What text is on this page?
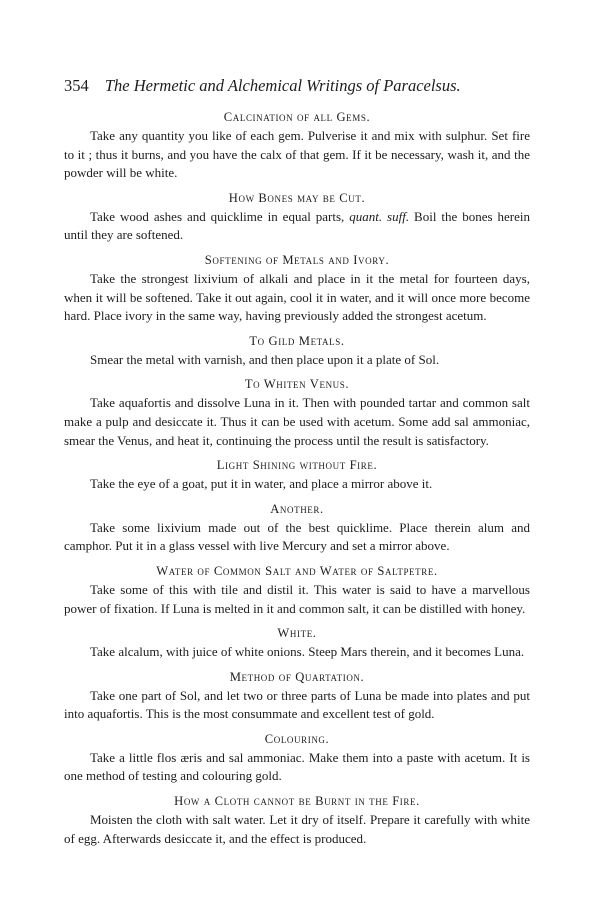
354 The Hermetic and Alchemical Writings of Paracelsus.
Calcination of all Gems.

Take any quantity you like of each gem. Pulverise it and mix with sulphur. Set fire to it ; thus it burns, and you have the calx of that gem. If it be necessary, wash it, and the powder will be white.

How Bones may be Cut.

Take wood ashes and quicklime in equal parts, quant. suff. Boil the bones herein until they are softened.

Softening of Metals and Ivory.

Take the strongest lixivium of alkali and place in it the metal for fourteen days, when it will be softened. Take it out again, cool it in water, and it will once more become hard. Place ivory in the same way, having previously added the strongest acetum.

To Gild Metals.

Smear the metal with varnish, and then place upon it a plate of Sol.

To Whiten Venus.

Take aquafortis and dissolve Luna in it. Then with pounded tartar and common salt make a pulp and desiccate it. Thus it can be used with acetum. Some add sal ammoniac, smear the Venus, and heat it, continuing the process until the result is satisfactory.

Light Shining without Fire.

Take the eye of a goat, put it in water, and place a mirror above it.

Another.

Take some lixivium made out of the best quicklime. Place therein alum and camphor. Put it in a glass vessel with live Mercury and set a mirror above.

Water of Common Salt and Water of Saltpetre.

Take some of this with tile and distil it. This water is said to have a marvellous power of fixation. If Luna is melted in it and common salt, it can be distilled with honey.

White.

Take alcalum, with juice of white onions. Steep Mars therein, and it becomes Luna.

Method of Quartation.

Take one part of Sol, and let two or three parts of Luna be made into plates and put into aquafortis. This is the most consummate and excellent test of gold.

Colouring.

Take a little flos æris and sal ammoniac. Make them into a paste with acetum. It is one method of testing and colouring gold.

How a Cloth cannot be Burnt in the Fire.

Moisten the cloth with salt water. Let it dry of itself. Prepare it carefully with white of egg. Afterwards desiccate it, and the effect is produced.
